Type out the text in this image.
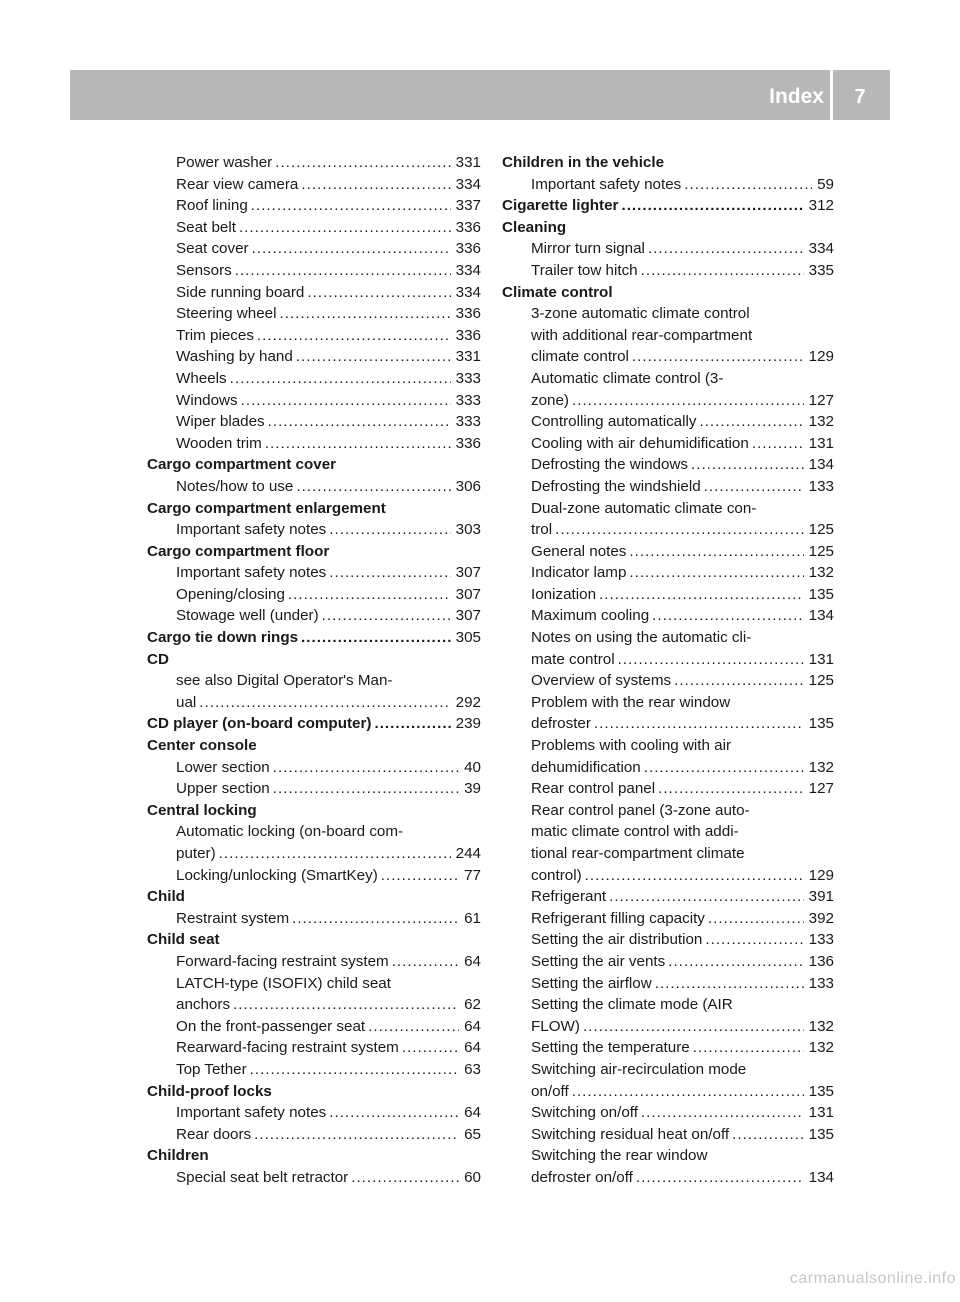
Index	7
Power washer .....	331
Rear view camera .....	334
Roof lining .....	337
Seat belt .....	336
Seat cover .....	336
Sensors .....	334
Side running board .....	334
Steering wheel .....	336
Trim pieces .....	336
Washing by hand .....	331
Wheels .....	333
Windows .....	333
Wiper blades .....	333
Wooden trim .....	336
Cargo compartment cover
Notes/how to use .....	306
Cargo compartment enlargement
Important safety notes .....	303
Cargo compartment floor
Important safety notes .....	307
Opening/closing .....	307
Stowage well (under) .....	307
Cargo tie down rings .....	305
CD
see also Digital Operator's Man-
ual .....	292
CD player (on-board computer) .....	239
Center console
Lower section .....	40
Upper section .....	39
Central locking
Automatic locking (on-board com-
puter) .....	244
Locking/unlocking (SmartKey) .....	77
Child
Restraint system .....	61
Child seat
Forward-facing restraint system .....	64
LATCH-type (ISOFIX) child seat
anchors .....	62
On the front-passenger seat .....	64
Rearward-facing restraint system .....	64
Top Tether .....	63
Child-proof locks
Important safety notes .....	64
Rear doors .....	65
Children
Special seat belt retractor .....	60
Children in the vehicle
Important safety notes .....	59
Cigarette lighter .....	312
Cleaning
Mirror turn signal .....	334
Trailer tow hitch .....	335
Climate control
3-zone automatic climate control
with additional rear-compartment
climate control .....	129
Automatic climate control (3-
zone) .....	127
Controlling automatically .....	132
Cooling with air dehumidification .....	131
Defrosting the windows .....	134
Defrosting the windshield .....	133
Dual-zone automatic climate con-
trol .....	125
General notes .....	125
Indicator lamp .....	132
Ionization .....	135
Maximum cooling .....	134
Notes on using the automatic cli-
mate control .....	131
Overview of systems .....	125
Problem with the rear window
defroster .....	135
Problems with cooling with air
dehumidification .....	132
Rear control panel .....	127
Rear control panel (3-zone auto-
matic climate control with addi-
tional rear-compartment climate
control) .....	129
Refrigerant .....	391
Refrigerant filling capacity .....	392
Setting the air distribution .....	133
Setting the air vents .....	136
Setting the airflow .....	133
Setting the climate mode (AIR
FLOW) .....	132
Setting the temperature .....	132
Switching air-recirculation mode
on/off .....	135
Switching on/off .....	131
Switching residual heat on/off .....	135
Switching the rear window
defroster on/off .....	134
carmanualsonline.info
